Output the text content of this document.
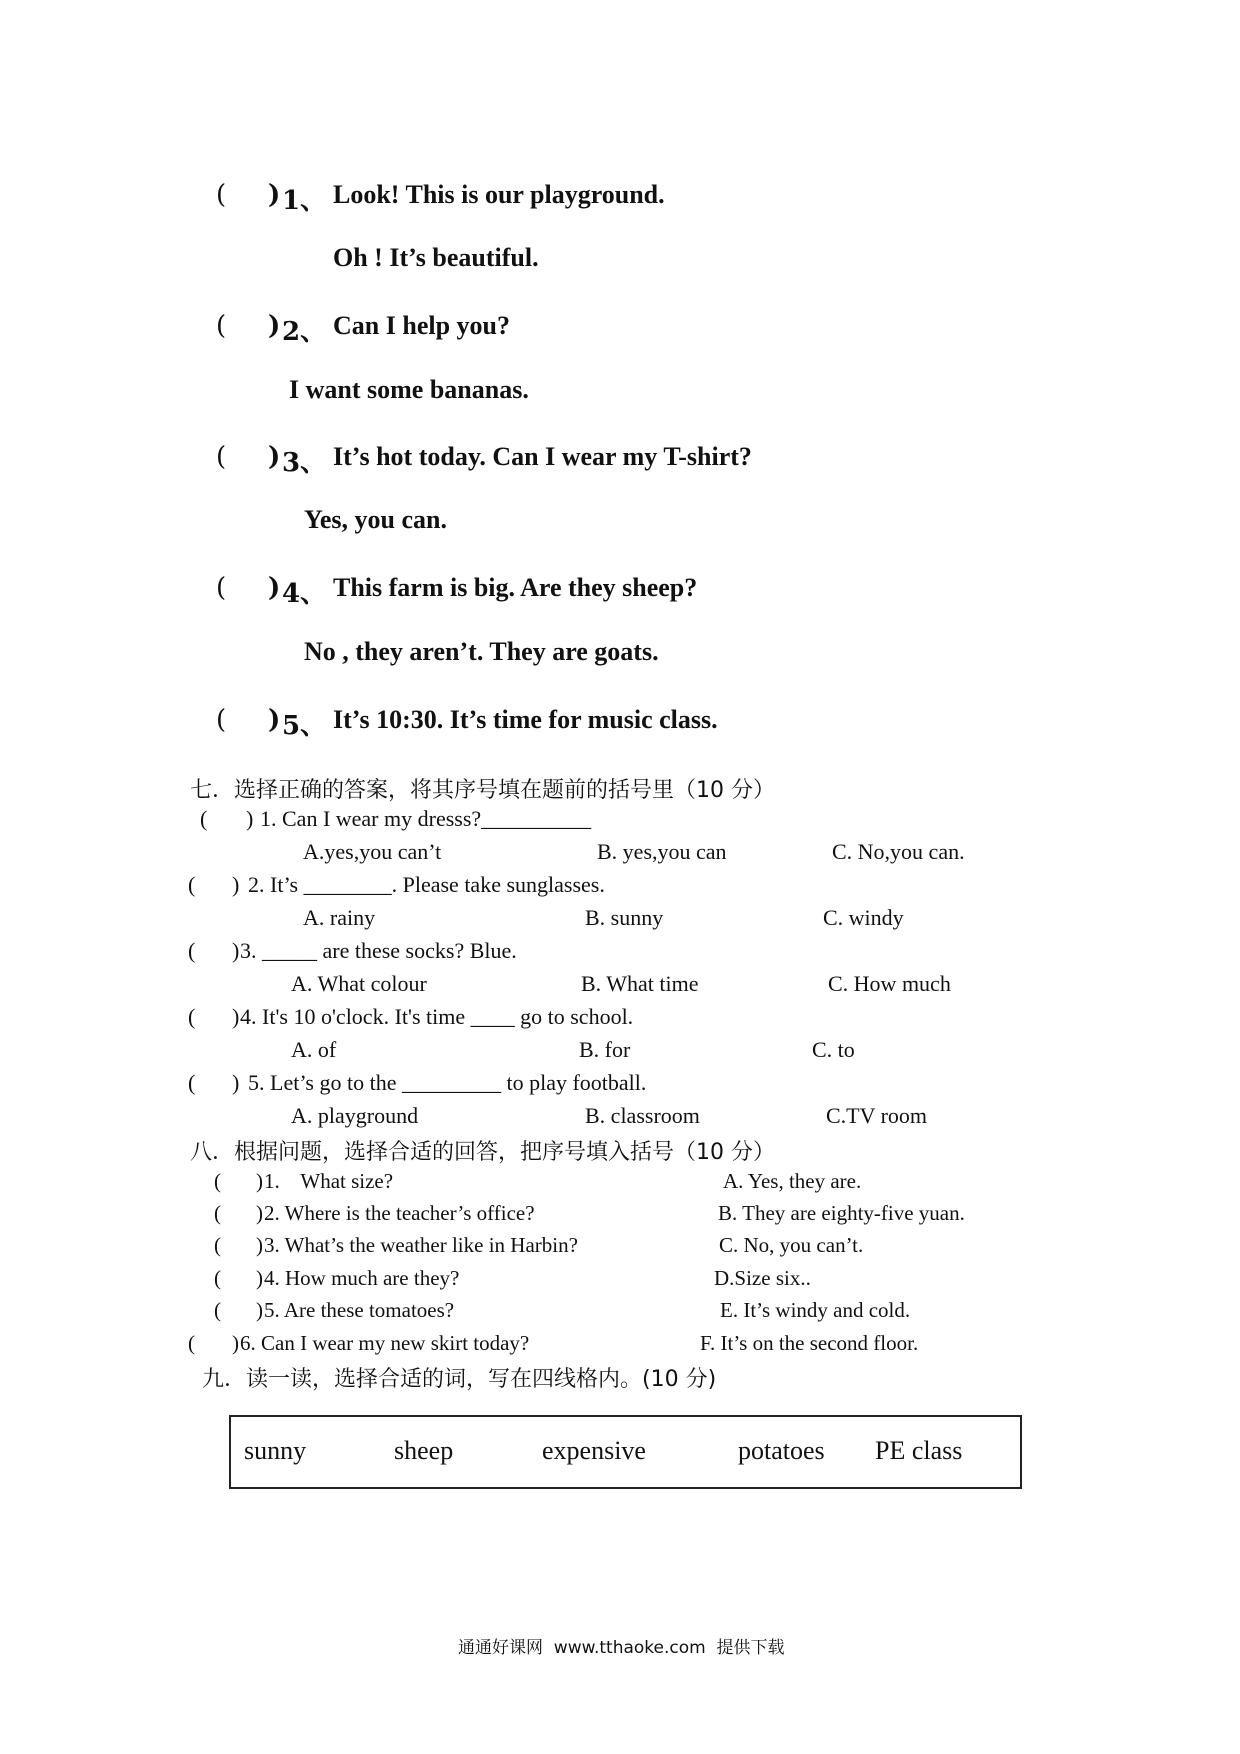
( ) 1、 Look! This is our playground.
Oh ! It’s beautiful.
( ) 2、 Can I help you?
I want some bananas.
( ) 3、 It’s hot today. Can I wear my T-shirt?
Yes, you can.
( ) 4、 This farm is big. Are they sheep?
No , they aren’t. They are goats.
( ) 5、 It’s 10:30. It’s time for music class.
七．选择正确的答案，将其序号填在题前的括号里（10 分）
( ) 1. Can I wear my dresss?__________
A.yes,you can’t	B. yes,you can	C. No,you can.
( ) 2. It’s ________. Please take sunglasses.
A. rainy	B. sunny	C. windy
( ) 3. _____ are these socks? Blue.
A. What colour	B. What time	C. How much
( ) 4. It's 10 o'clock. It's time ____ go to school.
A. of	B. for	C. to
( ) 5. Let’s go to the _________ to play football.
A. playground	B. classroom	C.TV room
八．根据问题，选择合适的回答，把序号填入括号（10 分）
( ) 1.    What size?	A. Yes, they are.
( ) 2. Where is the teacher’s office?	B. They are eighty-five yuan.
( ) 3. What’s the weather like in Harbin?	C. No, you can’t.
( ) 4. How much are they?	D.Size six..
( ) 5. Are these tomatoes?	E. It’s windy and cold.
( ) 6. Can I wear my new skirt today?	F. It’s on the second floor.
九．读一读，选择合适的词，写在四线格内。(10 分)
sunny	sheep	expensive	potatoes PE class
通通好课网  www.tthaoke.com  提供下载
